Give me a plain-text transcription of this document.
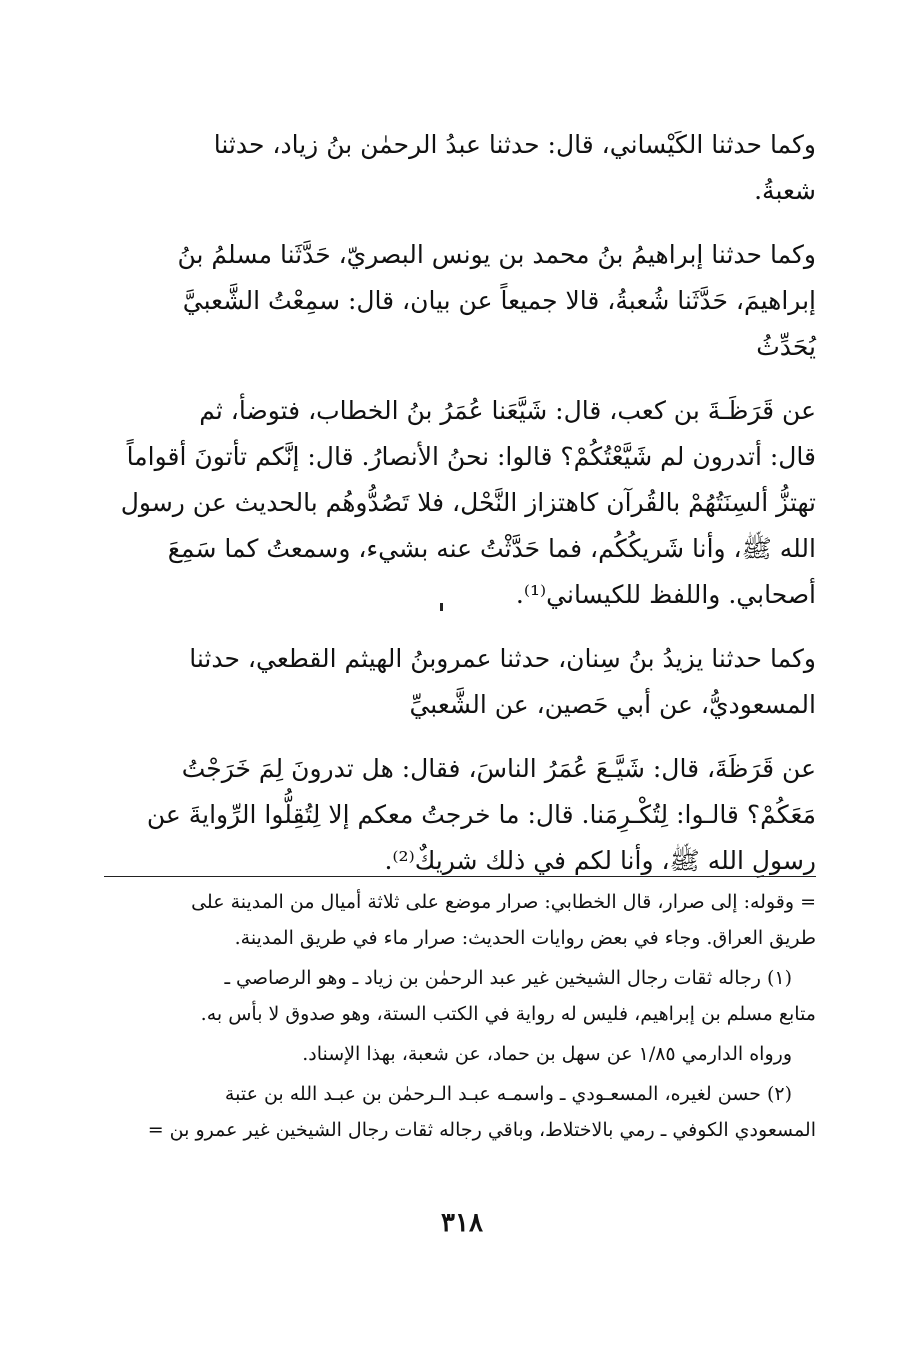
وكما حدثنا الكَيْساني، قال: حدثنا عبدُ الرحمٰن بنُ زياد، حدثنا

شعبةُ.

وكما حدثنا إبراهيمُ بنُ محمد بن يونس البصريّ، حَدَّثَنا مسلمُ بنُ

إبراهيمَ، حَدَّثَنا شُعبةُ، قالا جميعاً عن بيان، قال: سمِعْتُ الشَّعبيَّ

يُحَدِّثُ

عن قَرَظَـةَ بن كعب، قال: شَيَّعَنا عُمَرُ بنُ الخطاب، فتوضأ، ثم

قال: أتدرون لم شَيَّعْتُكُمْ؟ قالوا: نحنُ الأنصارُ. قال: إنَّكم تأتونَ أقواماً

تهتزُّ ألسِنَتُهُمْ بالقُرآن كاهتزاز النَّحْل، فلا تَصُدُّوهُم بالحديث عن رسول

الله ﷺ، وأنا شَريكُكُم، فما حَدَّثْتُ عنه بشيء، وسمعتُ كما سَمِعَ

أصحابي. واللفظ للكيساني⁽¹⁾.

وكما حدثنا يزيدُ بنُ سِنان، حدثنا عمروبنُ الهيثم القطعي، حدثنا

المسعوديُّ، عن أبي حَصين، عن الشَّعبيِّ

عن قَرَظَةَ، قال: شَيَّـعَ عُمَرُ الناسَ، فقال: هل تدرونَ لِمَ خَرَجْتُ

مَعَكُمْ؟ قالـوا: لِتُكْـرِمَنا. قال: ما خرجتُ معكم إلا لِتُقِلُّوا الرِّوايةَ عن

رسولِ الله ﷺ، وأنا لكم في ذلك شريكٌ⁽²⁾.

= وقوله: إلى صرار، قال الخطابي: صرار موضع على ثلاثة أميال من المدينة على

طريق العراق. وجاء في بعض روايات الحديث: صرار ماء في طريق المدينة.

(١) رجاله ثقات رجال الشيخين غير عبد الرحمٰن بن زياد ـ وهو الرصاصي ـ

متابع مسلم بن إبراهيم، فليس له رواية في الكتب الستة، وهو صدوق لا بأس به.

ورواه الدارمي ١/٨٥ عن سهل بن حماد، عن شعبة، بهذا الإسناد.

(٢) حسن لغيره، المسعـودي ـ واسمـه عبـد الـرحمٰن بن عبـد الله بن عتبة

المسعودي الكوفي ـ رمي بالاختلاط، وباقي رجاله ثقات رجال الشيخين غير عمرو بن =

٣١٨
